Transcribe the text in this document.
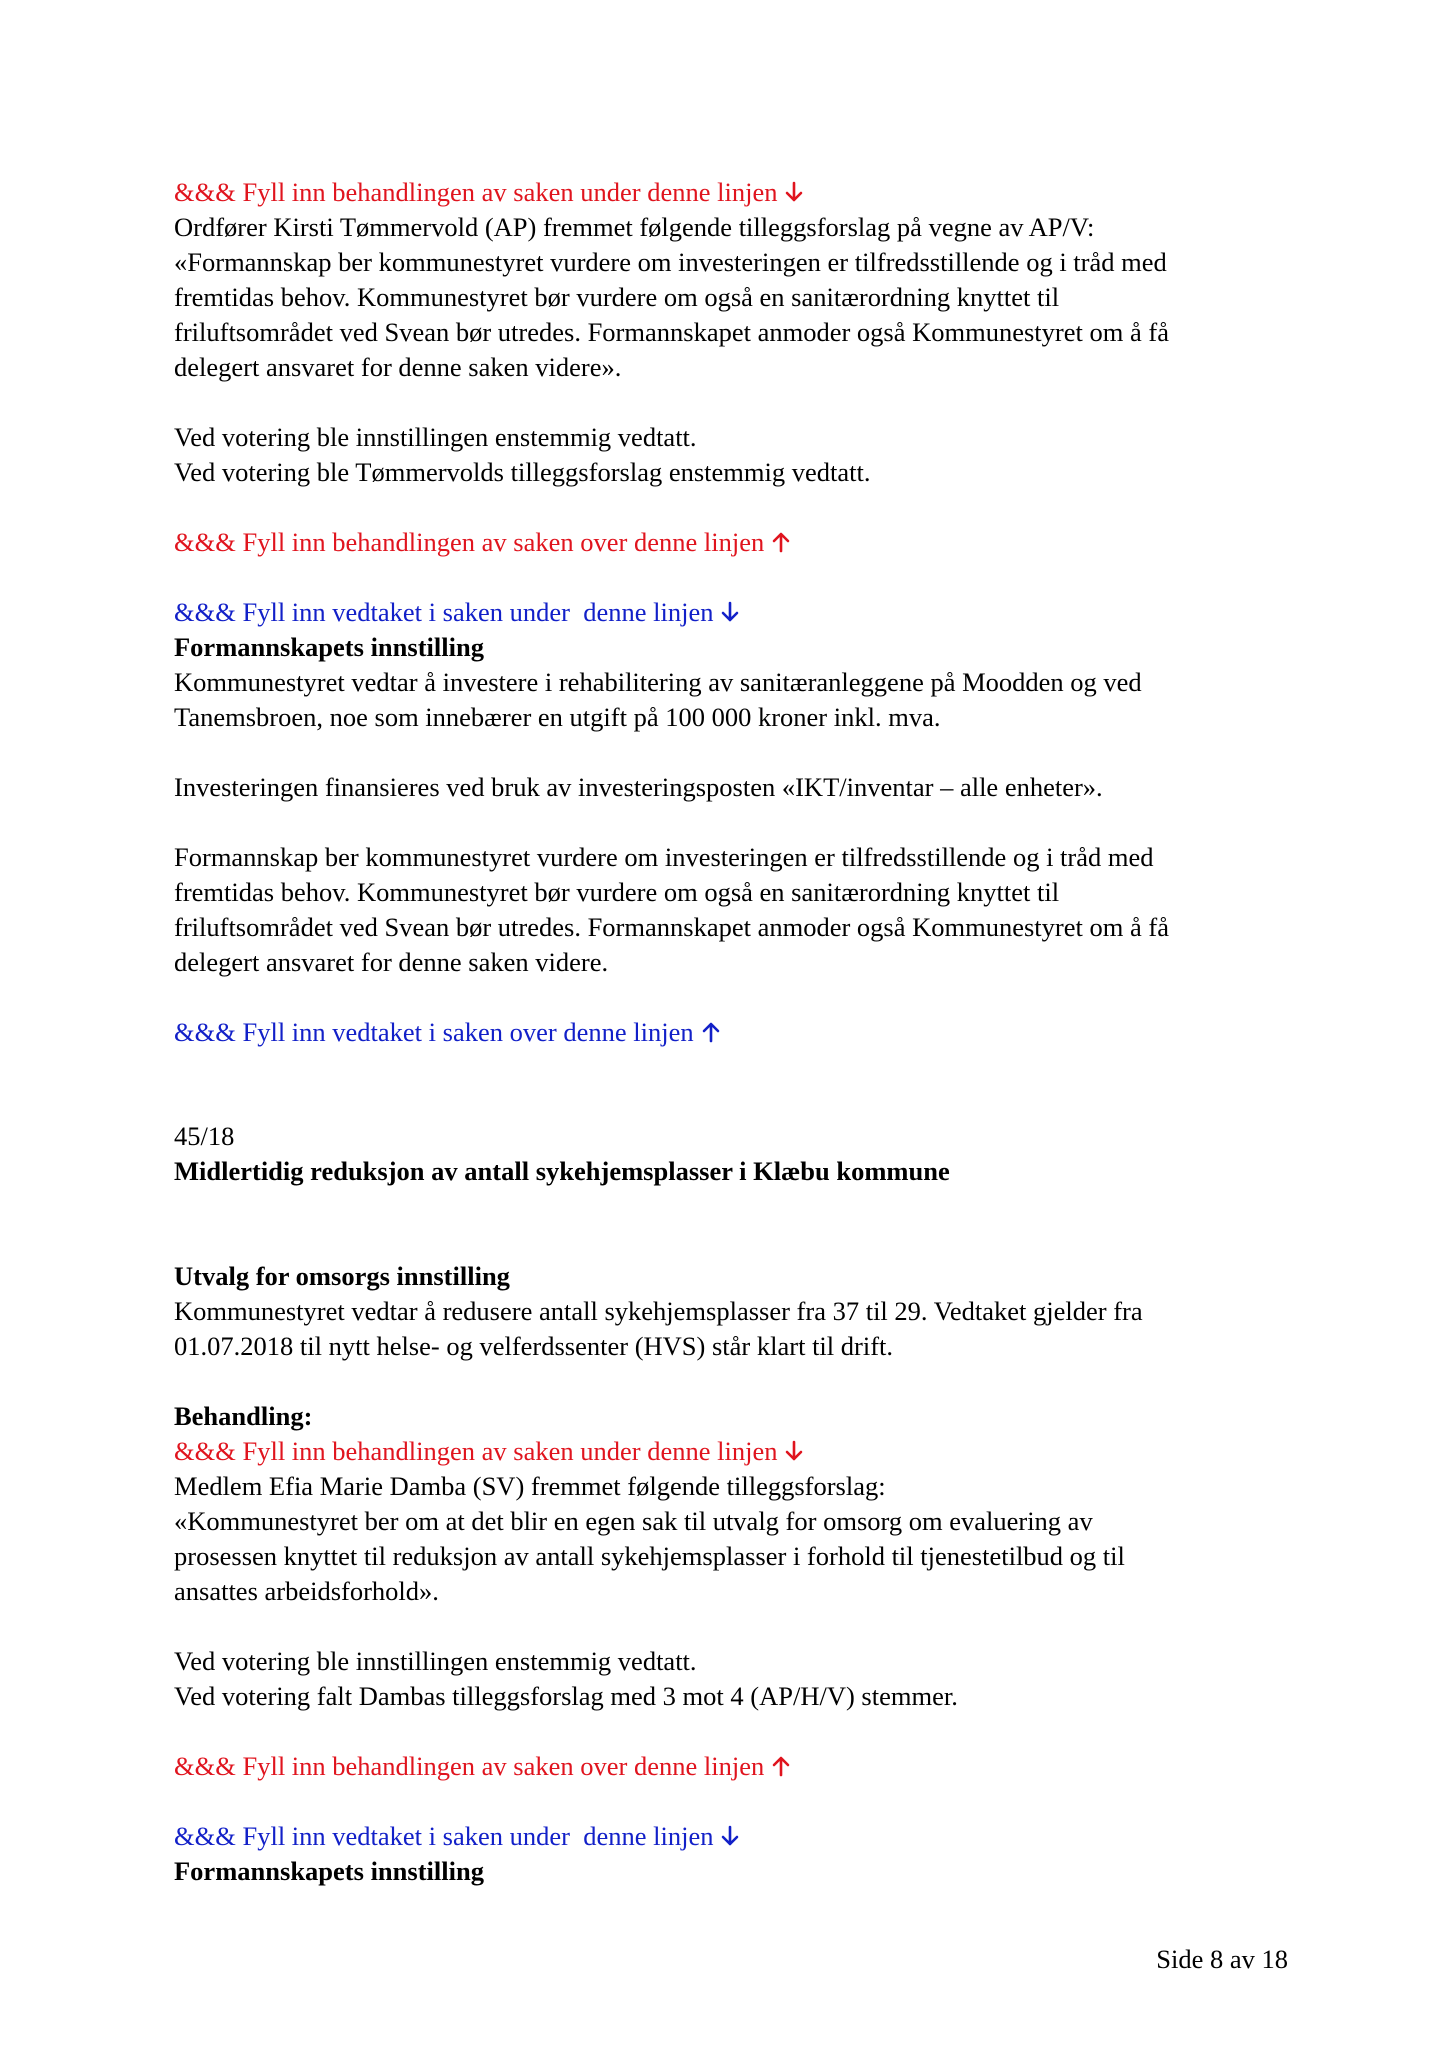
&&& Fyll inn behandlingen av saken under denne linjen
Ordfører Kirsti Tømmervold (AP) fremmet følgende tilleggsforslag på vegne av AP/V:
«Formannskap ber kommunestyret vurdere om investeringen er tilfredsstillende og i tråd med
fremtidas behov. Kommunestyret bør vurdere om også en sanitærordning knyttet til
friluftsområdet ved Svean bør utredes. Formannskapet anmoder også Kommunestyret om å få
delegert ansvaret for denne saken videre».
Ved votering ble innstillingen enstemmig vedtatt.
Ved votering ble Tømmervolds tilleggsforslag enstemmig vedtatt.
&&& Fyll inn behandlingen av saken over denne linjen
&&& Fyll inn vedtaket i saken under  denne linjen
Formannskapets innstilling
Kommunestyret vedtar å investere i rehabilitering av sanitæranleggene på Moodden og ved
Tanemsbroen, noe som innebærer en utgift på 100 000 kroner inkl. mva.
Investeringen finansieres ved bruk av investeringsposten «IKT/inventar – alle enheter».
Formannskap ber kommunestyret vurdere om investeringen er tilfredsstillende og i tråd med
fremtidas behov. Kommunestyret bør vurdere om også en sanitærordning knyttet til
friluftsområdet ved Svean bør utredes. Formannskapet anmoder også Kommunestyret om å få
delegert ansvaret for denne saken videre.
&&& Fyll inn vedtaket i saken over denne linjen
45/18
Midlertidig reduksjon av antall sykehjemsplasser i Klæbu kommune
Utvalg for omsorgs innstilling
Kommunestyret vedtar å redusere antall sykehjemsplasser fra 37 til 29. Vedtaket gjelder fra
01.07.2018 til nytt helse- og velferdssenter (HVS) står klart til drift.
Behandling:
&&& Fyll inn behandlingen av saken under denne linjen
Medlem Efia Marie Damba (SV) fremmet følgende tilleggsforslag:
«Kommunestyret ber om at det blir en egen sak til utvalg for omsorg om evaluering av
prosessen knyttet til reduksjon av antall sykehjemsplasser i forhold til tjenestetilbud og til
ansattes arbeidsforhold».
Ved votering ble innstillingen enstemmig vedtatt.
Ved votering falt Dambas tilleggsforslag med 3 mot 4 (AP/H/V) stemmer.
&&& Fyll inn behandlingen av saken over denne linjen
&&& Fyll inn vedtaket i saken under  denne linjen
Formannskapets innstilling
Side 8 av 18
